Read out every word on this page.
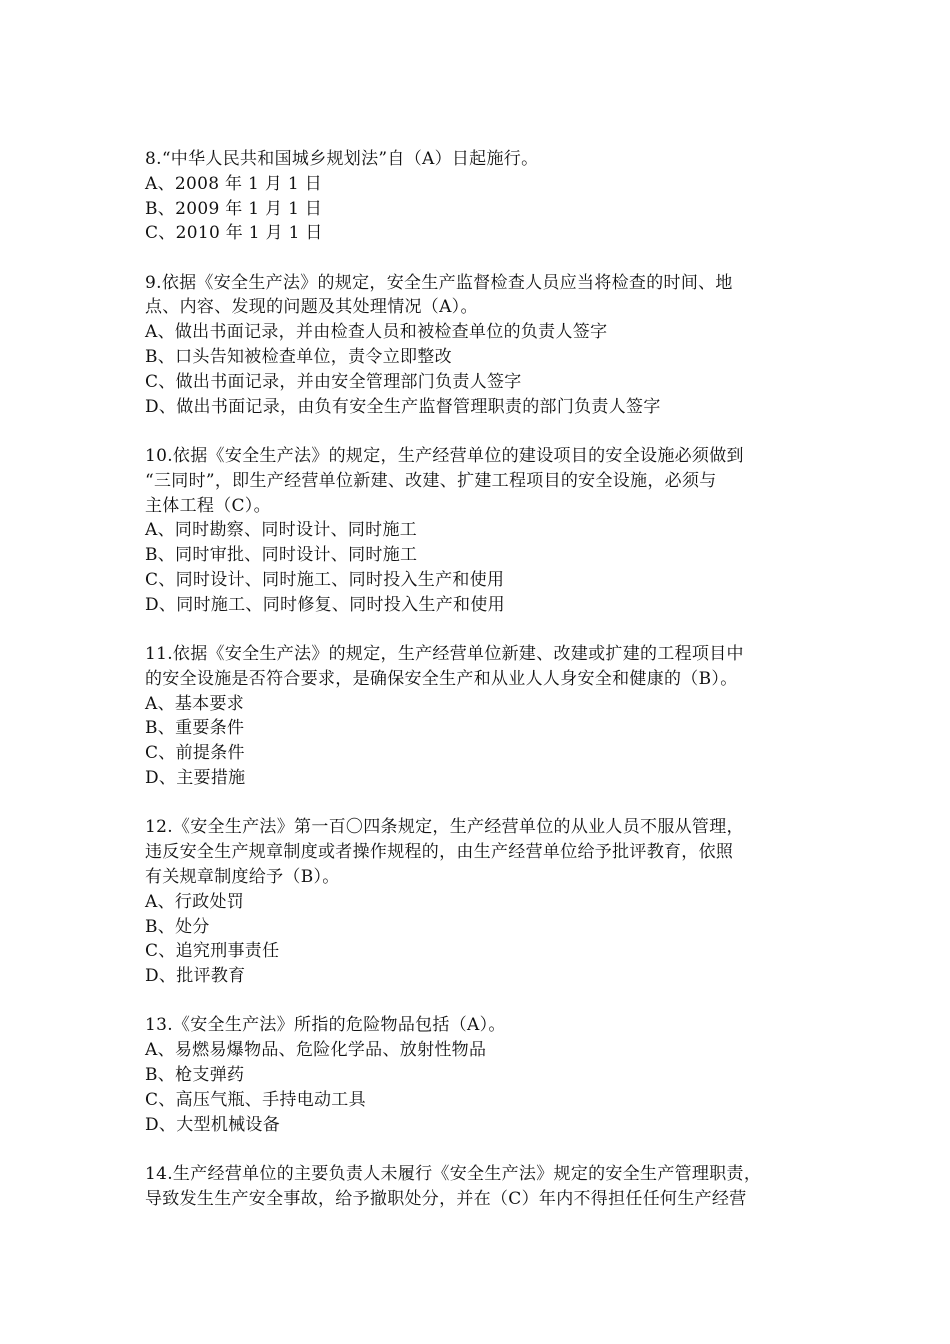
8.“中华人民共和国城乡规划法”自（A）日起施行。
A、2008 年 1 月 1 日
B、2009 年 1 月 1 日
C、2010 年 1 月 1 日
9.依据《安全生产法》的规定，安全生产监督检查人员应当将检查的时间、地
点、内容、发现的问题及其处理情况（A）。
A、做出书面记录，并由检查人员和被检查单位的负责人签字
B、口头告知被检查单位，责令立即整改
C、做出书面记录，并由安全管理部门负责人签字
D、做出书面记录，由负有安全生产监督管理职责的部门负责人签字
10.依据《安全生产法》的规定，生产经营单位的建设项目的安全设施必须做到
“三同时”，即生产经营单位新建、改建、扩建工程项目的安全设施，必须与
主体工程（C）。
A、同时勘察、同时设计、同时施工
B、同时审批、同时设计、同时施工
C、同时设计、同时施工、同时投入生产和使用
D、同时施工、同时修复、同时投入生产和使用
11.依据《安全生产法》的规定，生产经营单位新建、改建或扩建的工程项目中
的安全设施是否符合要求，是确保安全生产和从业人人身安全和健康的（B）。
A、基本要求
B、重要条件
C、前提条件
D、主要措施
12.《安全生产法》第一百〇四条规定，生产经营单位的从业人员不服从管理，
违反安全生产规章制度或者操作规程的，由生产经营单位给予批评教育，依照
有关规章制度给予（B）。
A、行政处罚
B、处分
C、追究刑事责任
D、批评教育
13.《安全生产法》所指的危险物品包括（A）。
A、易燃易爆物品、危险化学品、放射性物品
B、枪支弹药
C、高压气瓶、手持电动工具
D、大型机械设备
14.生产经营单位的主要负责人未履行《安全生产法》规定的安全生产管理职责，
导致发生生产安全事故，给予撤职处分，并在（C）年内不得担任任何生产经营
